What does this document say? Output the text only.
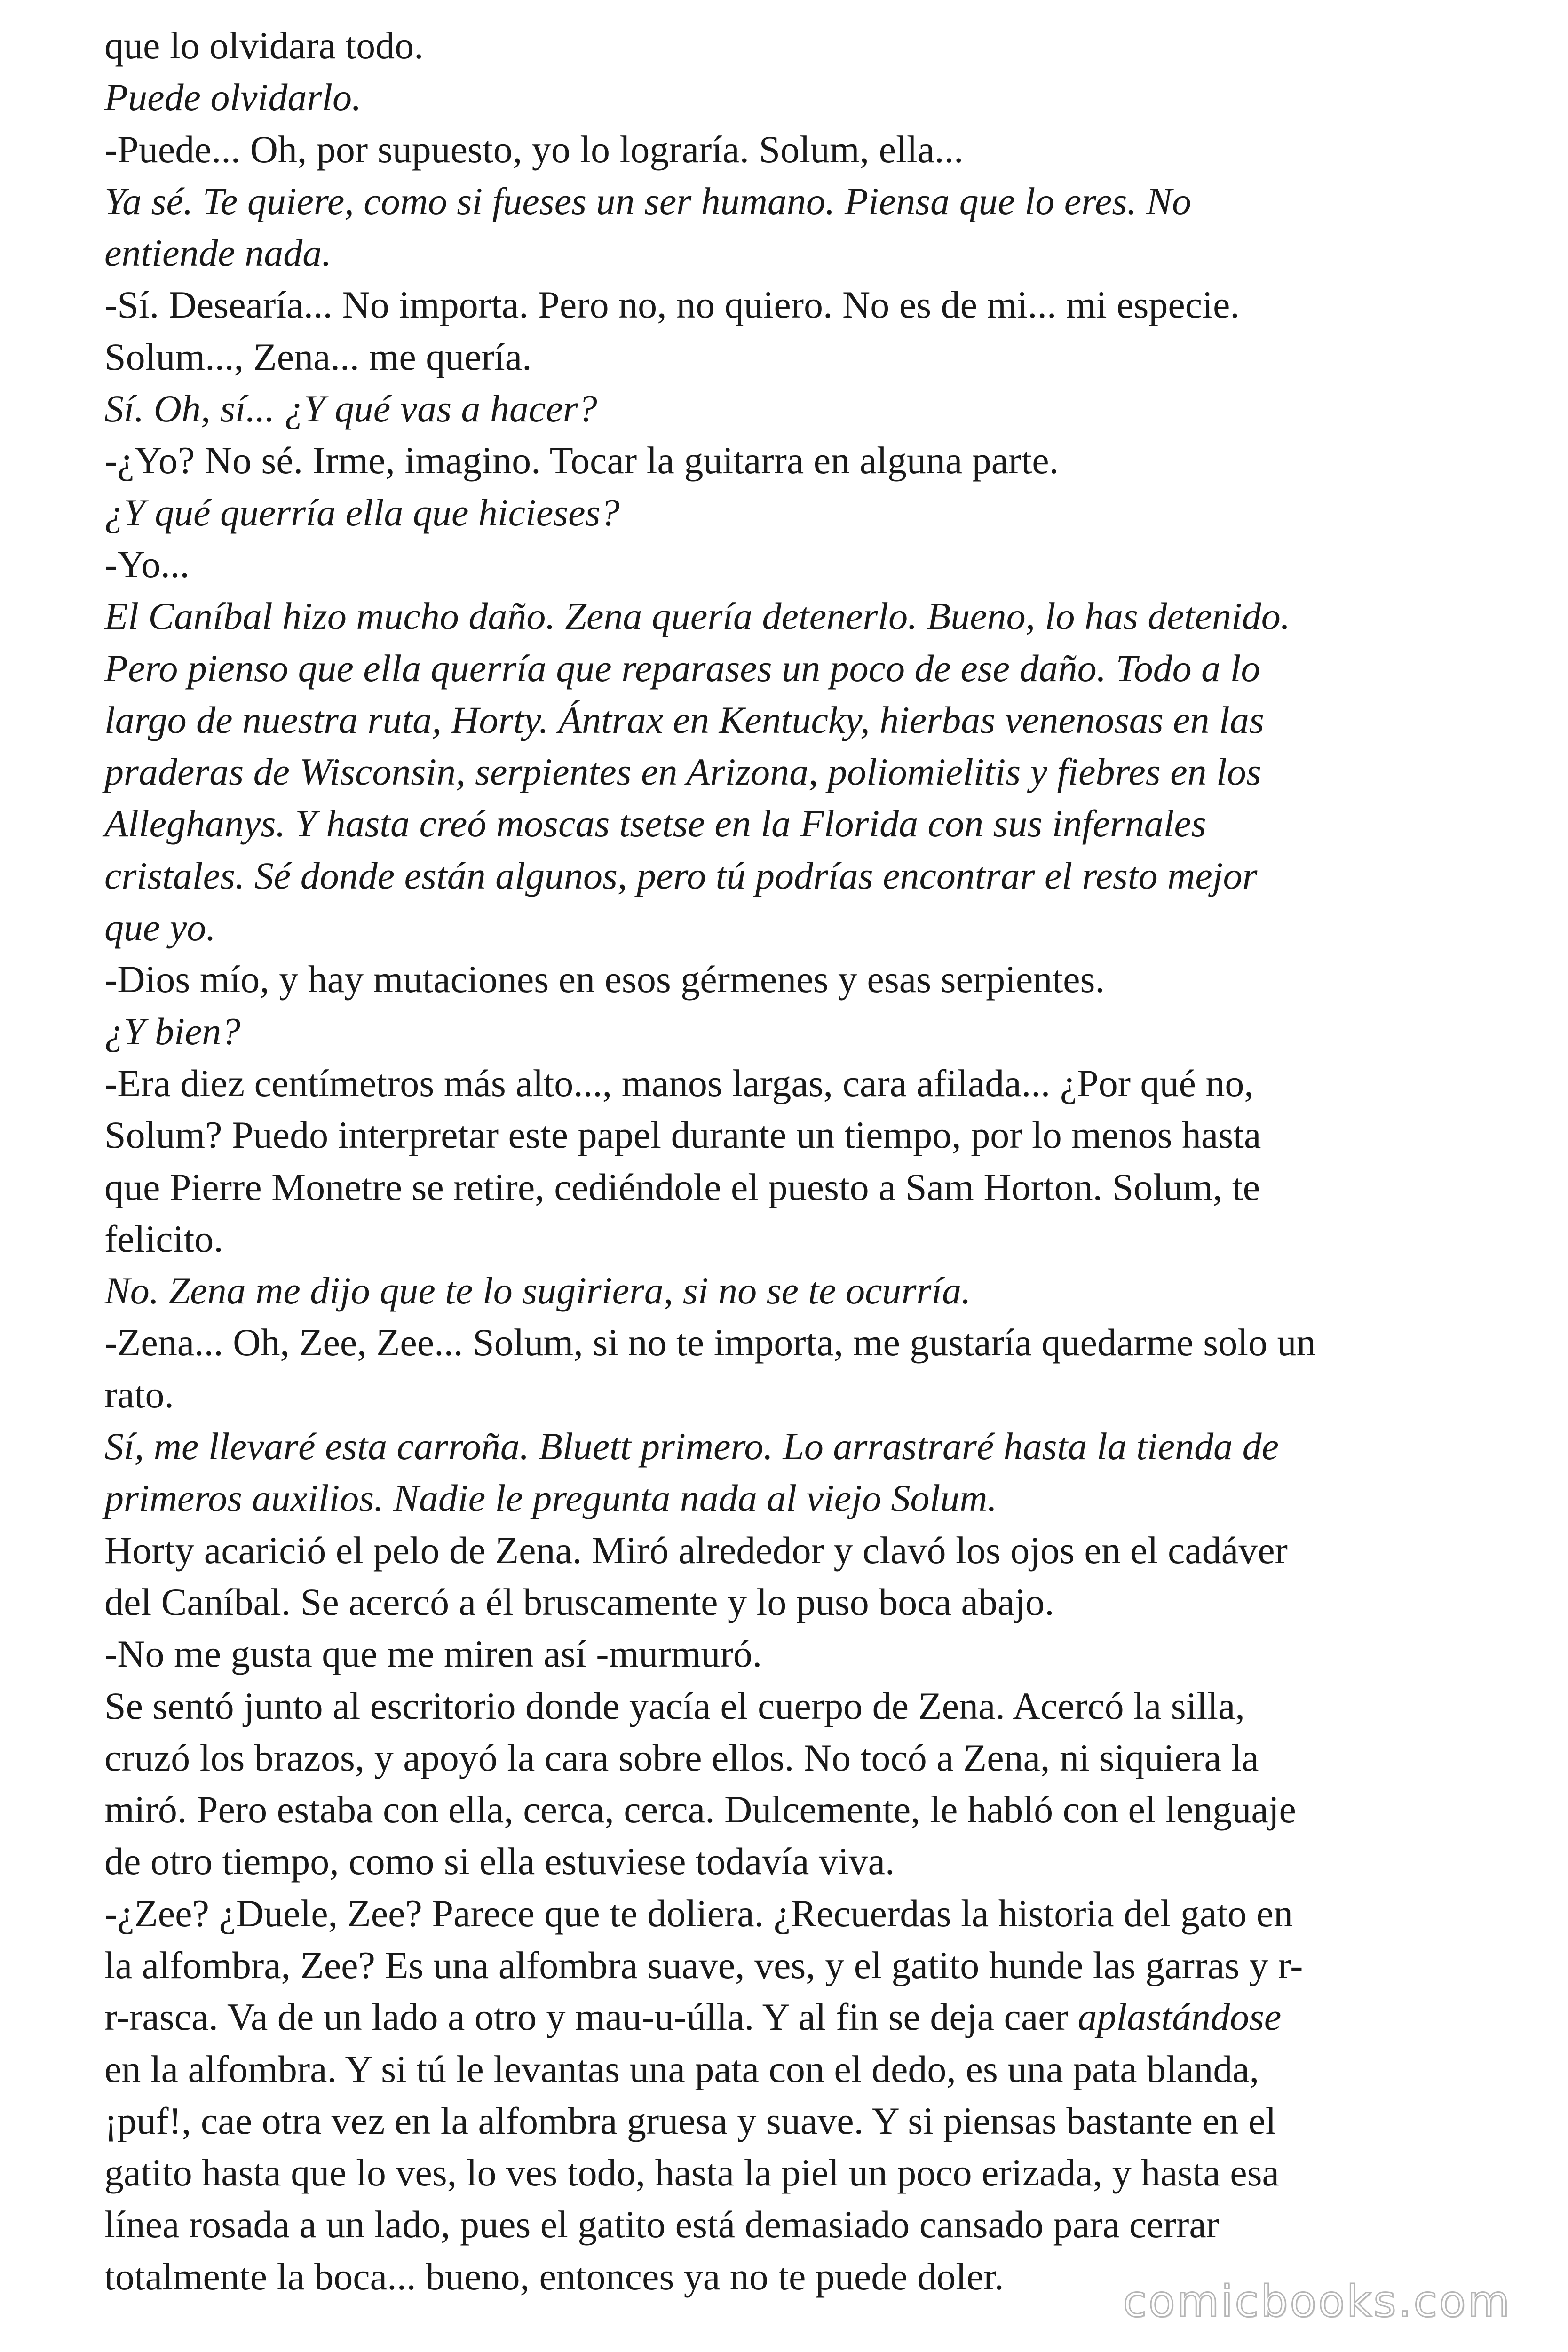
que lo olvidara todo.
Puede olvidarlo.
-Puede... Oh, por supuesto, yo lo lograría. Solum, ella...
Ya sé. Te quiere, como si fueses un ser humano. Piensa que lo eres. No
entiende nada.
-Sí. Desearía... No importa. Pero no, no quiero. No es de mi... mi especie.
Solum..., Zena... me quería.
Sí. Oh, sí... ¿Y qué vas a hacer?
-¿Yo? No sé. Irme, imagino. Tocar la guitarra en alguna parte.
¿Y qué querría ella que hicieses?
-Yo...
El Caníbal hizo mucho daño. Zena quería detenerlo. Bueno, lo has detenido.
Pero pienso que ella querría que reparases un poco de ese daño. Todo a lo
largo de nuestra ruta, Horty. Ántrax en Kentucky, hierbas venenosas en las
praderas de Wisconsin, serpientes en Arizona, poliomielitis y fiebres en los
Alleghanys. Y hasta creó moscas tsetse en la Florida con sus infernales
cristales. Sé donde están algunos, pero tú podrías encontrar el resto mejor
que yo.
-Dios mío, y hay mutaciones en esos gérmenes y esas serpientes.
¿Y bien?
-Era diez centímetros más alto..., manos largas, cara afilada... ¿Por qué no,
Solum? Puedo interpretar este papel durante un tiempo, por lo menos hasta
que Pierre Monetre se retire, cediéndole el puesto a Sam Horton. Solum, te
felicito.
No. Zena me dijo que te lo sugiriera, si no se te ocurría.
-Zena... Oh, Zee, Zee... Solum, si no te importa, me gustaría quedarme solo un
rato.
Sí, me llevaré esta carroña. Bluett primero. Lo arrastraré hasta la tienda de
primeros auxilios. Nadie le pregunta nada al viejo Solum.
Horty acarició el pelo de Zena. Miró alrededor y clavó los ojos en el cadáver
del Caníbal. Se acercó a él bruscamente y lo puso boca abajo.
-No me gusta que me miren así -murmuró.
Se sentó junto al escritorio donde yacía el cuerpo de Zena. Acercó la silla,
cruzó los brazos, y apoyó la cara sobre ellos. No tocó a Zena, ni siquiera la
miró. Pero estaba con ella, cerca, cerca. Dulcemente, le habló con el lenguaje
de otro tiempo, como si ella estuviese todavía viva.
-¿Zee? ¿Duele, Zee? Parece que te doliera. ¿Recuerdas la historia del gato en
la alfombra, Zee? Es una alfombra suave, ves, y el gatito hunde las garras y r-
r-rasca. Va de un lado a otro y mau-u-úlla. Y al fin se deja caer aplastándose
en la alfombra. Y si tú le levantas una pata con el dedo, es una pata blanda,
¡puf!, cae otra vez en la alfombra gruesa y suave. Y si piensas bastante en el
gatito hasta que lo ves, lo ves todo, hasta la piel un poco erizada, y hasta esa
línea rosada a un lado, pues el gatito está demasiado cansado para cerrar
totalmente la boca... bueno, entonces ya no te puede doler.	comicbooks.com
